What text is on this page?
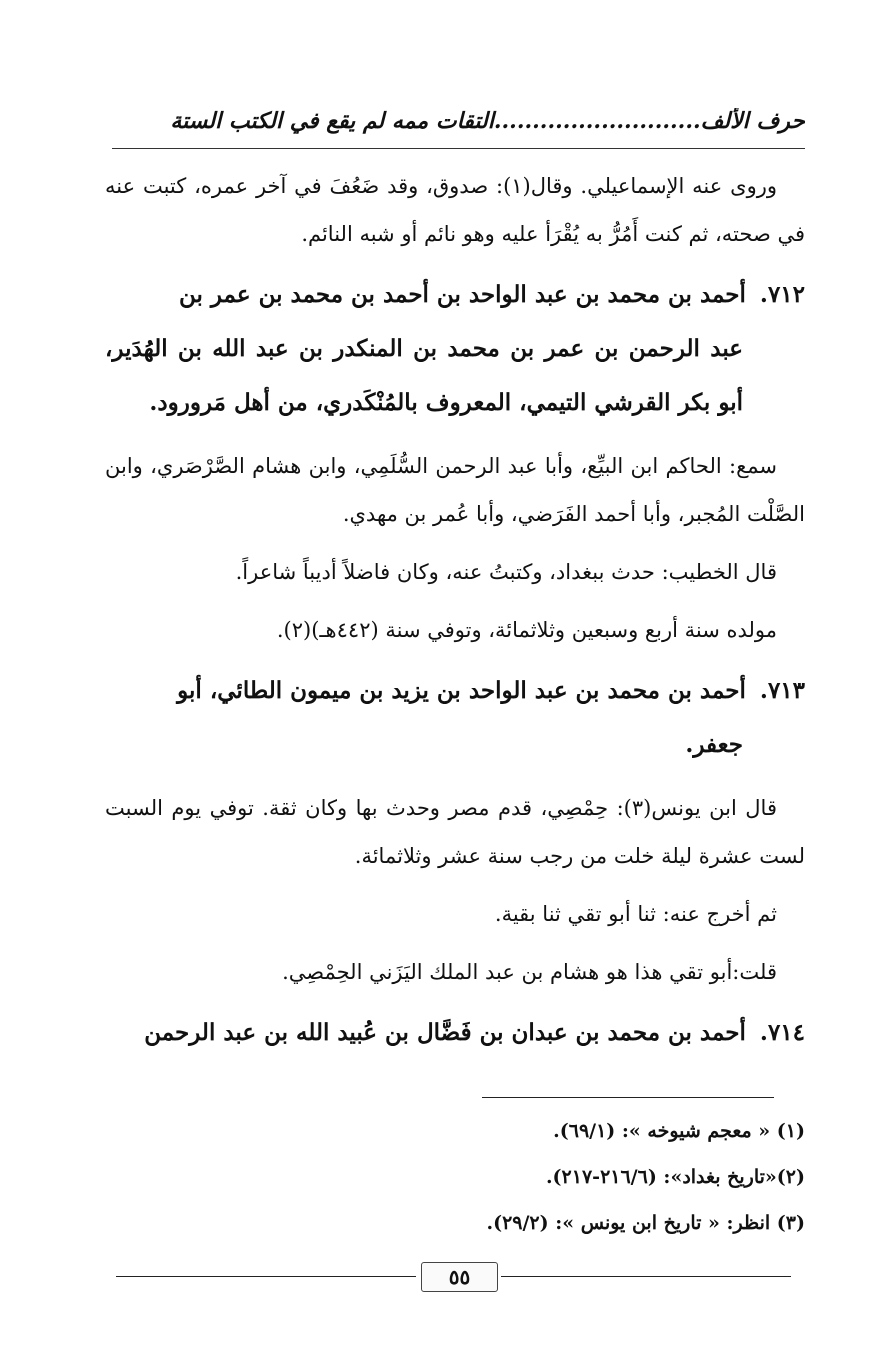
حرف الألف...........................التقات ممه لم يقع في الكتب الستة

وروى عنه الإسماعيلي. وقال(١): صدوق، وقد ضَعُفَ في آخر عمره، كتبت عنه في صحته، ثم كنت أَمُرُّ به يُقْرَأ عليه وهو نائم أو شبه النائم.

٧١٢.أحمد بن محمد بن عبد الواحد بن أحمد بن محمد بن عمر بن
عبد الرحمن بن عمر بن محمد بن المنكدر بن عبد الله بن الهُدَير، أبو بكر القرشي التيمي، المعروف بالمُنْكَدري، من أهل مَرورود.

سمع: الحاكم ابن البيِّع، وأبا عبد الرحمن السُّلَمِي، وابن هشام الصَّرْصَري، وابن الصَّلْت المُجبر، وأبا أحمد الفَرَضي، وأبا عُمر بن مهدي.

قال الخطيب: حدث ببغداد، وكتبتُ عنه، وكان فاضلاً أديباً شاعراً.

مولده سنة أربع وسبعين وثلاثمائة، وتوفي سنة (٤٤٢هـ)(٢).

٧١٣.أحمد بن محمد بن عبد الواحد بن يزيد بن ميمون الطائي، أبو
جعفر.

قال ابن يونس(٣): حِمْصِي، قدم مصر وحدث بها وكان ثقة. توفي يوم السبت لست عشرة ليلة خلت من رجب سنة عشر وثلاثمائة.

ثم أخرج عنه: ثنا أبو تقي ثنا بقية.

قلت:أبو تقي هذا هو هشام بن عبد الملك اليَزَني الحِمْصِي.

٧١٤.أحمد بن محمد بن عبدان بن فَضَّال بن عُبيد الله بن عبد الرحمن

(١) « معجم شيوخه »: (٦٩/١).

(٢)«تاريخ بغداد»: (٢١٦/٦-٢١٧).

(٣) انظر: « تاريخ ابن يونس »: (٢٩/٢).

٥٥
